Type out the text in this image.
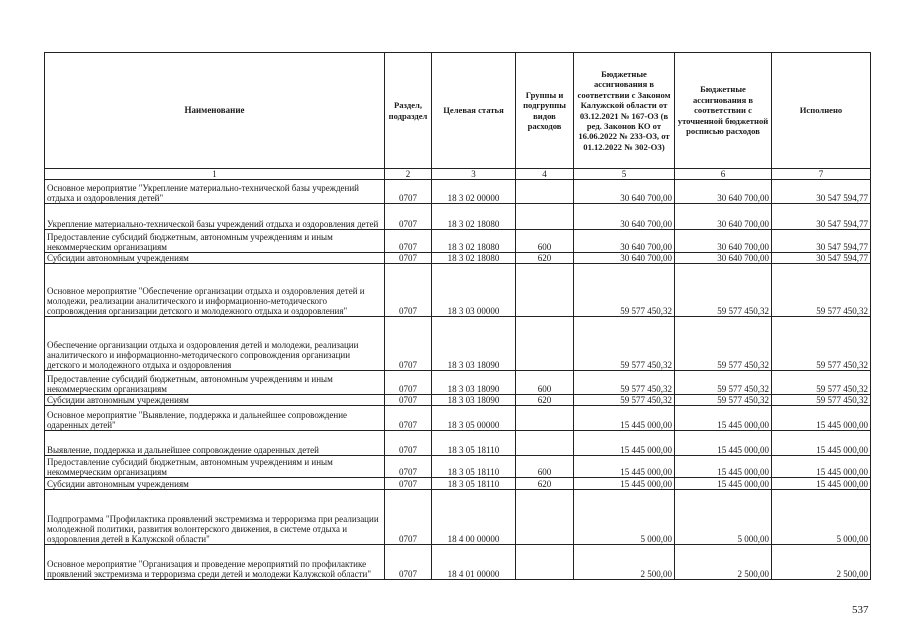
Наименование	Раздел, подраздел	Целевая статья	Группы и подгруппы видов расходов	Бюджетные ассигнования в соответствии с Законом Калужской области от 03.12.2021 № 167-ОЗ (в ред. Законов КО от 16.06.2022 № 233-ОЗ, от 01.12.2022 № 302-ОЗ)	Бюджетные ассигнования в соответствии с уточненной бюджетной росписью расходов	Исполнено
1	2	3	4	5	6	7
Основное мероприятие "Укрепление материально-технической базы учреждений отдыха и оздоровления детей"	0707	18 3 02 00000		30 640 700,00	30 640 700,00	30 547 594,77
Укрепление материально-технической базы учреждений отдыха и оздоровления детей	0707	18 3 02 18080		30 640 700,00	30 640 700,00	30 547 594,77
Предоставление субсидий бюджетным, автономным учреждениям и иным некоммерческим организациям	0707	18 3 02 18080	600	30 640 700,00	30 640 700,00	30 547 594,77
Субсидии автономным учреждениям	0707	18 3 02 18080	620	30 640 700,00	30 640 700,00	30 547 594,77
Основное мероприятие "Обеспечение организации отдыха и оздоровления детей и молодежи, реализации аналитического и информационно-методического сопровождения организации детского и молодежного отдыха и оздоровления"	0707	18 3 03 00000		59 577 450,32	59 577 450,32	59 577 450,32
Обеспечение организации отдыха и оздоровления детей и молодежи, реализации аналитического и информационно-методического сопровождения организации детского и молодежного отдыха и оздоровления	0707	18 3 03 18090		59 577 450,32	59 577 450,32	59 577 450,32
Предоставление субсидий бюджетным, автономным учреждениям и иным некоммерческим организациям	0707	18 3 03 18090	600	59 577 450,32	59 577 450,32	59 577 450,32
Субсидии автономным учреждениям	0707	18 3 03 18090	620	59 577 450,32	59 577 450,32	59 577 450,32
Основное мероприятие "Выявление, поддержка и дальнейшее сопровождение одаренных детей"	0707	18 3 05 00000		15 445 000,00	15 445 000,00	15 445 000,00
Выявление, поддержка и дальнейшее сопровождение одаренных детей	0707	18 3 05 18110		15 445 000,00	15 445 000,00	15 445 000,00
Предоставление субсидий бюджетным, автономным учреждениям и иным некоммерческим организациям	0707	18 3 05 18110	600	15 445 000,00	15 445 000,00	15 445 000,00
Субсидии автономным учреждениям	0707	18 3 05 18110	620	15 445 000,00	15 445 000,00	15 445 000,00
Подпрограмма "Профилактика проявлений экстремизма и терроризма при реализации молодежной политики, развития волонтерского движения, в системе отдыха и оздоровления детей в Калужской области"	0707	18 4 00 00000		5 000,00	5 000,00	5 000,00
Основное мероприятие "Организация и проведение мероприятий по профилактике проявлений экстремизма и терроризма среди детей и молодежи Калужской области"	0707	18 4 01 00000		2 500,00	2 500,00	2 500,00
537
